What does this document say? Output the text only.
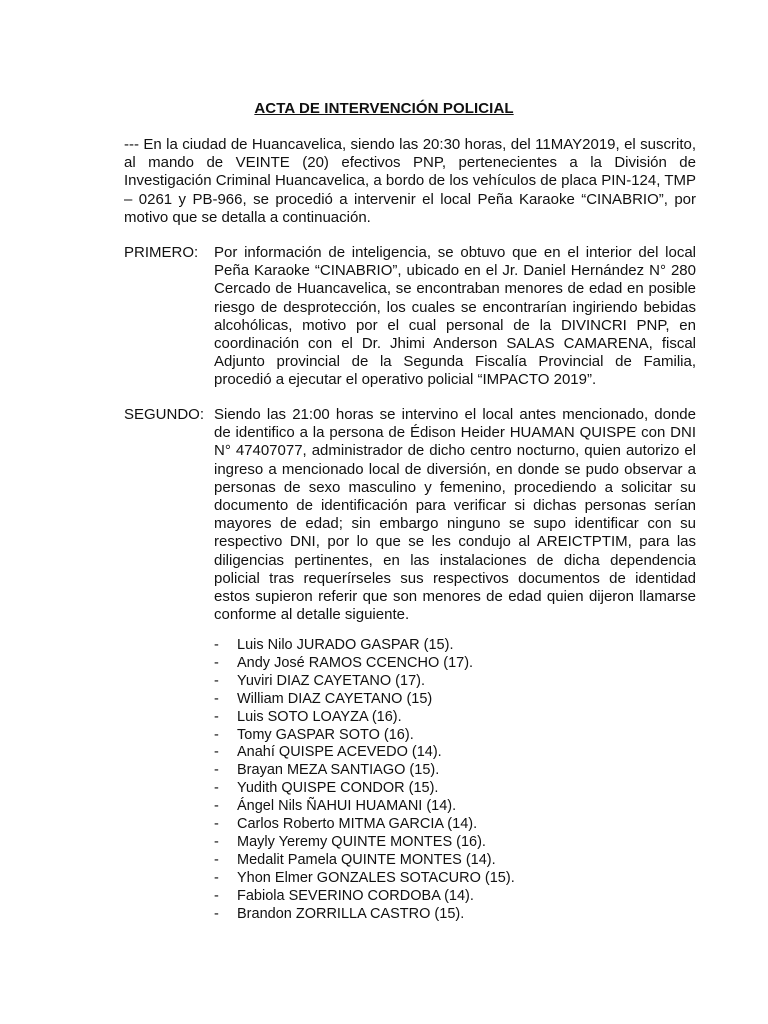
ACTA DE INTERVENCIÓN POLICIAL
--- En la ciudad de Huancavelica, siendo las 20:30 horas, del 11MAY2019, el suscrito, al mando de VEINTE (20) efectivos PNP, pertenecientes a la División de Investigación Criminal Huancavelica, a bordo de los vehículos de placa PIN-124, TMP – 0261 y PB-966, se procedió a intervenir el local Peña Karaoke “CINABRIO”, por motivo que se detalla a continuación.
PRIMERO:	Por información de inteligencia, se obtuvo que en el interior del local Peña Karaoke “CINABRIO”, ubicado en el Jr. Daniel Hernández N° 280 Cercado de Huancavelica, se encontraban menores de edad en posible riesgo de desprotección, los cuales se encontrarían ingiriendo bebidas alcohólicas, motivo por el cual personal de la DIVINCRI PNP, en coordinación con el Dr. Jhimi Anderson SALAS CAMARENA, fiscal Adjunto provincial de la Segunda Fiscalía Provincial de Familia, procedió a ejecutar el operativo policial “IMPACTO 2019”.
SEGUNDO: Siendo las 21:00 horas se intervino el local antes mencionado, donde de identifico a la persona de Édison Heider HUAMAN QUISPE con DNI N° 47407077, administrador de dicho centro nocturno, quien autorizo el ingreso a mencionado local de diversión, en donde se pudo observar a personas de sexo masculino y femenino, procediendo a solicitar su documento de identificación para verificar si dichas personas serían mayores de edad; sin embargo ninguno se supo identificar con su respectivo DNI, por lo que se les condujo al AREICTPTIM, para las diligencias pertinentes, en las instalaciones de dicha dependencia policial tras requerírseles sus respectivos documentos de identidad estos supieron referir que son menores de edad quien dijeron llamarse conforme al detalle siguiente.
- Luis Nilo JURADO GASPAR (15).
- Andy José RAMOS CCENCHO (17).
- Yuviri DIAZ CAYETANO (17).
- William DIAZ CAYETANO (15)
- Luis SOTO LOAYZA (16).
- Tomy GASPAR SOTO (16).
- Anahí QUISPE ACEVEDO (14).
- Brayan MEZA SANTIAGO (15).
- Yudith QUISPE CONDOR (15).
- Ángel Nils ÑAHUI HUAMANI (14).
- Carlos Roberto MITMA GARCIA (14).
- Mayly Yeremy QUINTE MONTES (16).
- Medalit Pamela QUINTE MONTES (14).
- Yhon Elmer GONZALES SOTACURO (15).
- Fabiola SEVERINO CORDOBA (14).
- Brandon ZORRILLA CASTRO (15).
